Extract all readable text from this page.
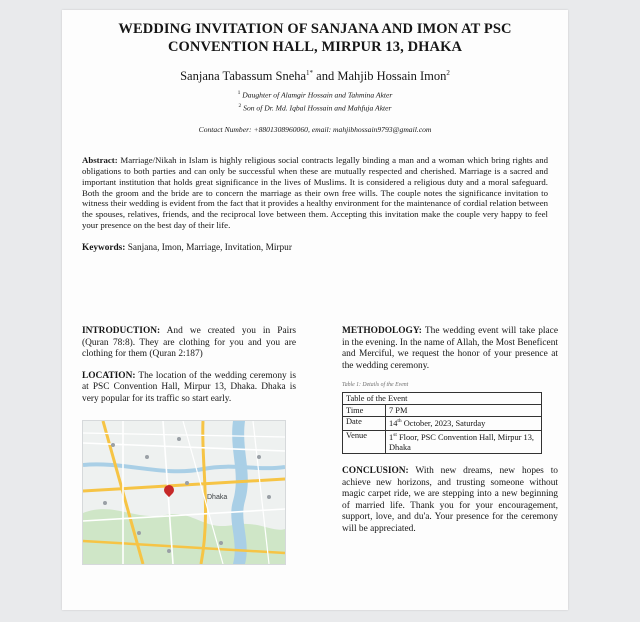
WEDDING INVITATION OF SANJANA AND IMON AT PSC CONVENTION HALL, MIRPUR 13, DHAKA
Sanjana Tabassum Sneha$^{1*}$ and Mahjib Hossain Imon$^2$
$^1$ Daughter of Alamgir Hossain and Tahmina Akter
$^2$ Son of Dr. Md. Iqbal Hossain and Mahfuja Akter
Contact Number: +8801308960060, email: mahjibhossain9793@gmail.com
Abstract: Marriage/Nikah in Islam is highly religious social contracts legally binding a man and a woman which bring rights and obligations to both parties and can only be successful when these are mutually respected and cherished. Marriage is a sacred and important institution that holds great significance in the lives of Muslims. It is considered a religious duty and a moral safeguard. Both the groom and the bride are to concern the marriage as their own free wills. The couple notes the significance invitation to witness their wedding is evident from the fact that it provides a healthy environment for the maintenance of cordial relation between the spouses, relatives, friends, and the reciprocal love between them. Accepting this invitation make the couple very happy to feel your presence on the best day of their life.
Keywords: Sanjana, Imon, Marriage, Invitation, Mirpur

INTRODUCTION: And we created you in Pairs (Quran 78:8). They are clothing for you and you are clothing for them (Quran 2:187)

LOCATION: The location of the wedding ceremony is at PSC Convention Hall, Mirpur 13, Dhaka. Dhaka is very popular for its traffic so start early.

Dhaka

METHODOLOGY: The wedding event will take place in the evening. In the name of Allah, the Most Beneficent and Merciful, we request the honor of your presence at the wedding ceremony.

Table 1: Details of the Event
Table of the Event	
Time	7 PM
Date	14th October, 2023, Saturday
Venue	1st Floor, PSC Convention Hall, Mirpur 13, Dhaka

CONCLUSION: With new dreams, new hopes to achieve new horizons, and trusting someone without magic carpet ride, we are stepping into a new beginning of married life. Thank you for your encouragement, support, love, and du'a. Your presence for the ceremony will be appreciated.
